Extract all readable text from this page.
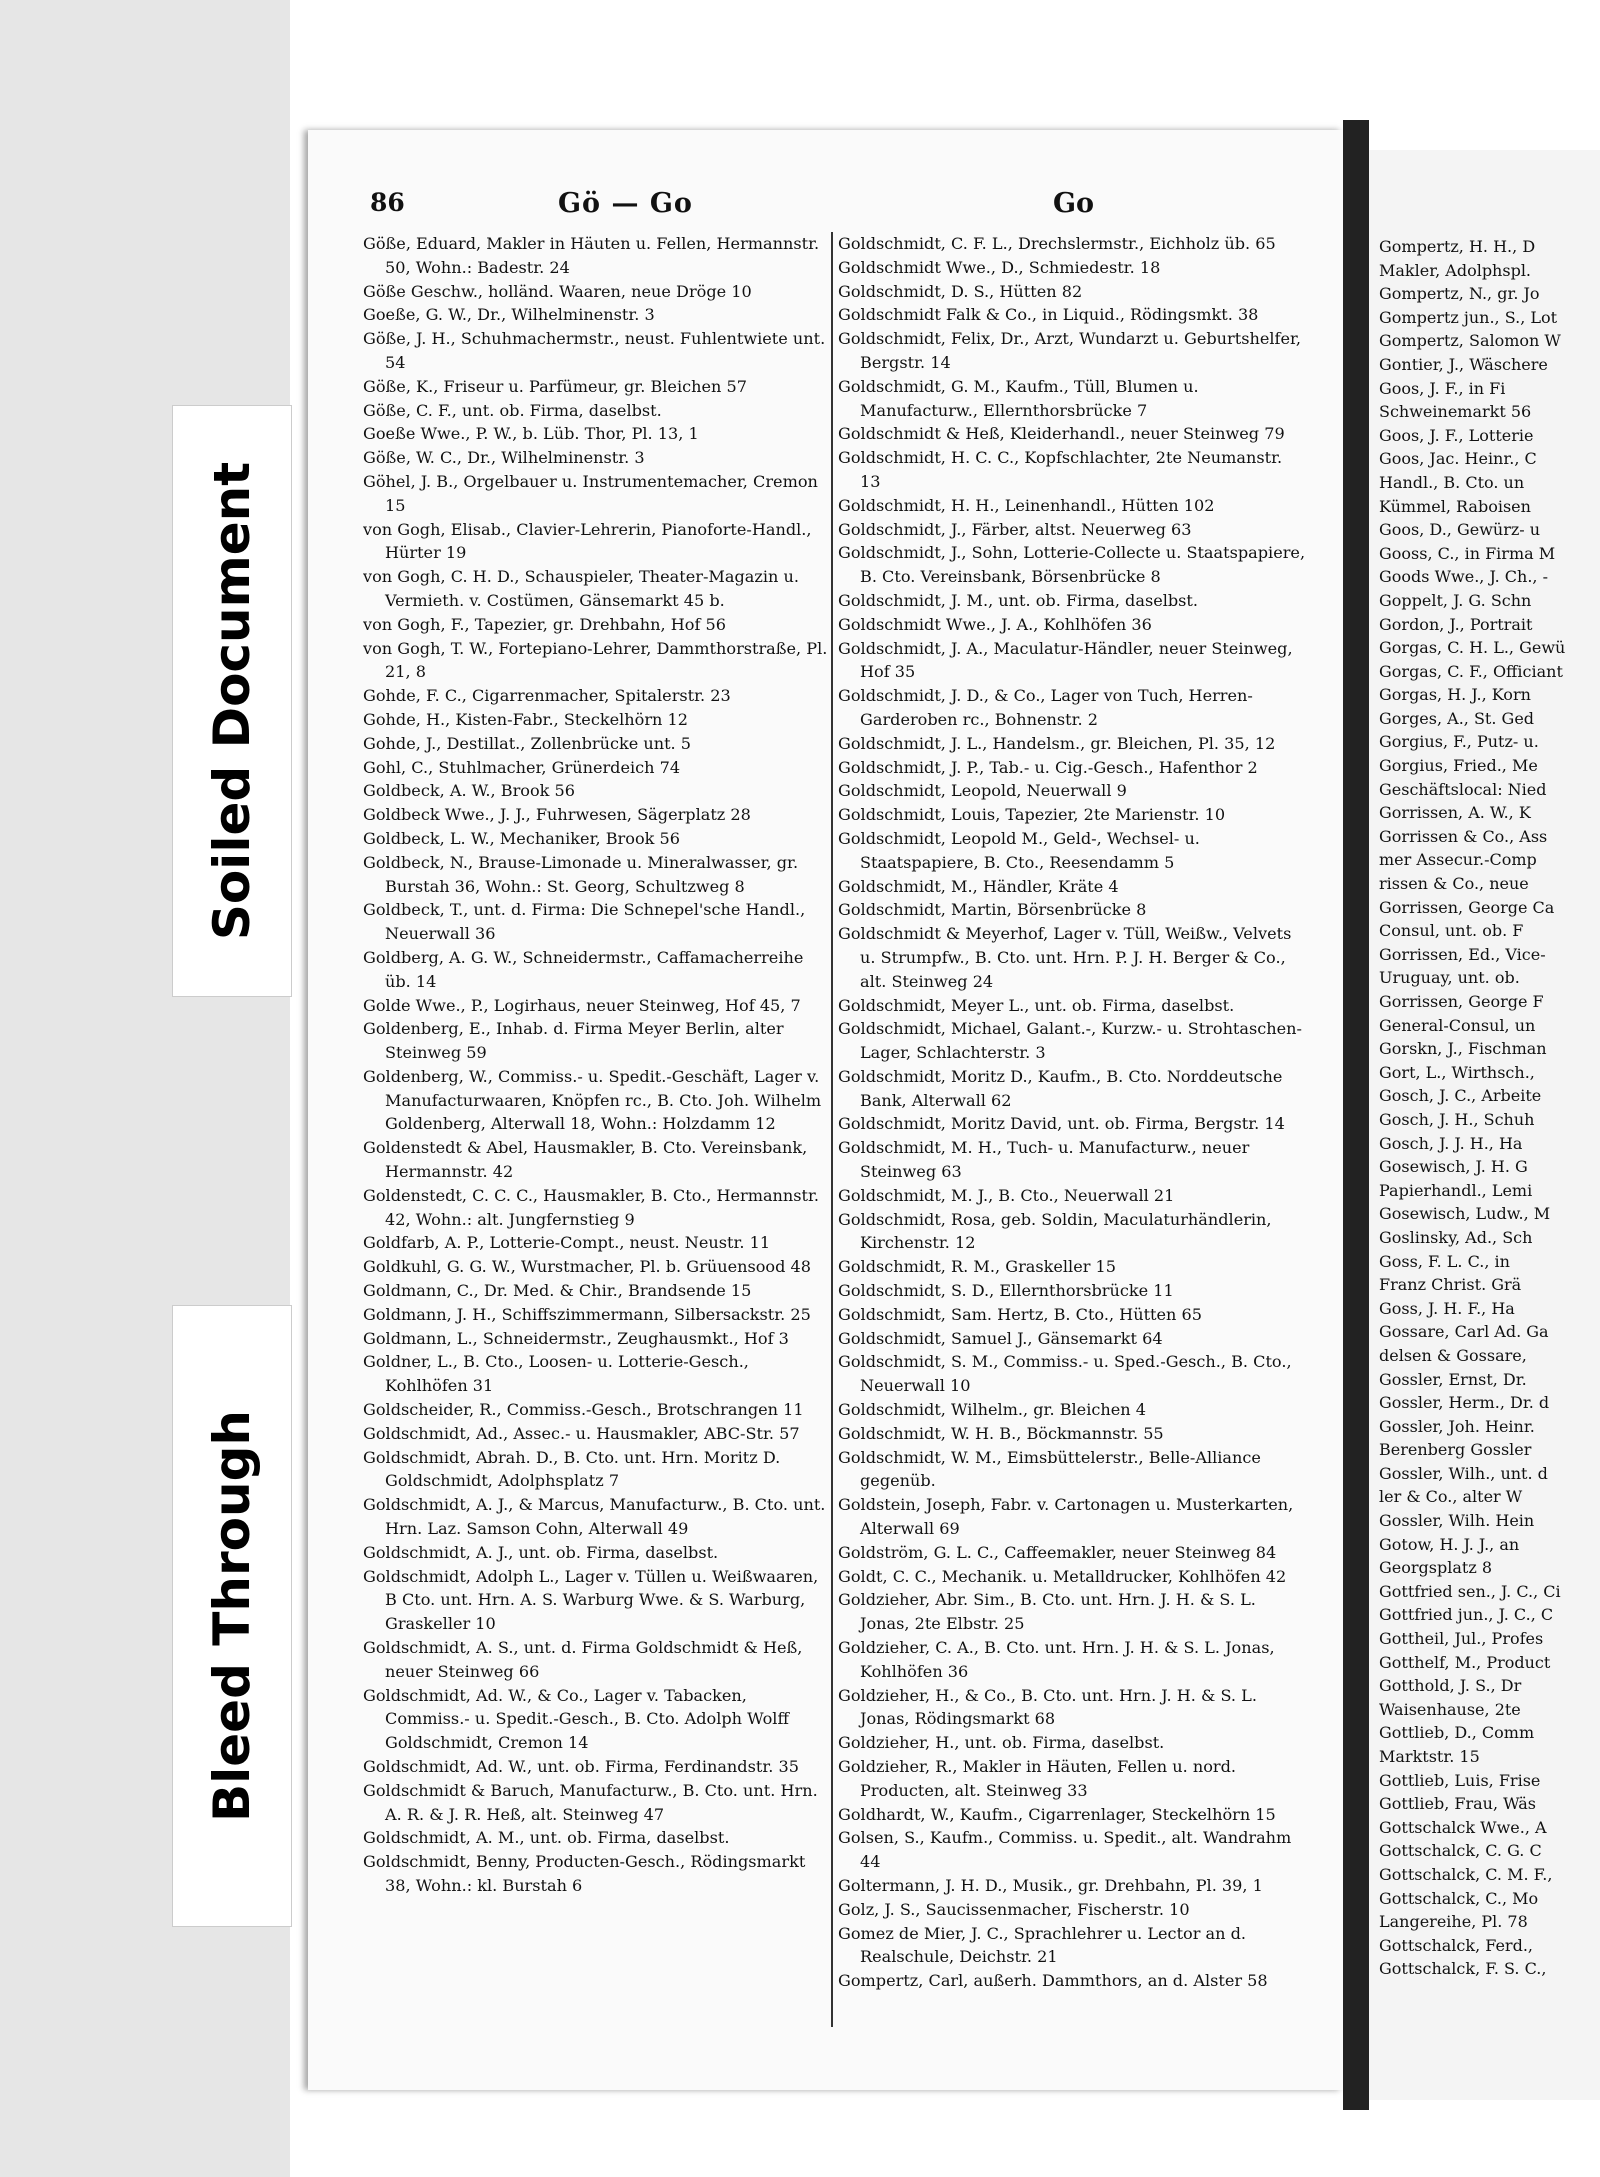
86	Gö — Go	Go

Göße, Eduard, Makler in Häuten u. Fellen, Hermannstr. 50, Wohn.: Badestr. 24

Göße Geschw., holländ. Waaren, neue Dröge 10

Goeße, G. W., Dr., Wilhelminenstr. 3

Göße, J. H., Schuhmachermstr., neust. Fuhlentwiete unt. 54

Göße, K., Friseur u. Parfümeur, gr. Bleichen 57

Göße, C. F., unt. ob. Firma, daselbst.

Goeße Wwe., P. W., b. Lüb. Thor, Pl. 13, 1

Göße, W. C., Dr., Wilhelminenstr. 3

Göhel, J. B., Orgelbauer u. Instrumentemacher, Cremon 15

von Gogh, Elisab., Clavier-Lehrerin, Pianoforte-Handl., Hürter 19

von Gogh, C. H. D., Schauspieler, Theater-Magazin u. Vermieth. v. Costümen, Gänsemarkt 45 b.

von Gogh, F., Tapezier, gr. Drehbahn, Hof 56

von Gogh, T. W., Fortepiano-Lehrer, Dammthorstraße, Pl. 21, 8

Gohde, F. C., Cigarrenmacher, Spitalerstr. 23

Gohde, H., Kisten-Fabr., Steckelhörn 12

Gohde, J., Destillat., Zollenbrücke unt. 5

Gohl, C., Stuhlmacher, Grünerdeich 74

Goldbeck, A. W., Brook 56

Goldbeck Wwe., J. J., Fuhrwesen, Sägerplatz 28

Goldbeck, L. W., Mechaniker, Brook 56

Goldbeck, N., Brause-Limonade u. Mineralwasser, gr. Burstah 36, Wohn.: St. Georg, Schultzweg 8

Goldbeck, T., unt. d. Firma: Die Schnepel'sche Handl., Neuerwall 36

Goldberg, A. G. W., Schneidermstr., Caffamacherreihe üb. 14

Golde Wwe., P., Logirhaus, neuer Steinweg, Hof 45, 7

Goldenberg, E., Inhab. d. Firma Meyer Berlin, alter Steinweg 59

Goldenberg, W., Commiss.- u. Spedit.-Geschäft, Lager v. Manufacturwaaren, Knöpfen rc., B. Cto. Joh. Wilhelm Goldenberg, Alterwall 18, Wohn.: Holzdamm 12

Goldenstedt & Abel, Hausmakler, B. Cto. Vereinsbank, Hermannstr. 42

Goldenstedt, C. C. C., Hausmakler, B. Cto., Hermannstr. 42, Wohn.: alt. Jungfernstieg 9

Goldfarb, A. P., Lotterie-Compt., neust. Neustr. 11

Goldkuhl, G. G. W., Wurstmacher, Pl. b. Grüuensood 48

Goldmann, C., Dr. Med. & Chir., Brandsende 15

Goldmann, J. H., Schiffszimmermann, Silbersackstr. 25

Goldmann, L., Schneidermstr., Zeughausmkt., Hof 3

Goldner, L., B. Cto., Loosen- u. Lotterie-Gesch., Kohlhöfen 31

Goldscheider, R., Commiss.-Gesch., Brotschrangen 11

Goldschmidt, Ad., Assec.- u. Hausmakler, ABC-Str. 57

Goldschmidt, Abrah. D., B. Cto. unt. Hrn. Moritz D. Goldschmidt, Adolphsplatz 7

Goldschmidt, A. J., & Marcus, Manufacturw., B. Cto. unt. Hrn. Laz. Samson Cohn, Alterwall 49

Goldschmidt, A. J., unt. ob. Firma, daselbst.

Goldschmidt, Adolph L., Lager v. Tüllen u. Weißwaaren, B Cto. unt. Hrn. A. S. Warburg Wwe. & S. Warburg, Graskeller 10

Goldschmidt, A. S., unt. d. Firma Goldschmidt & Heß, neuer Steinweg 66

Goldschmidt, Ad. W., & Co., Lager v. Tabacken, Commiss.- u. Spedit.-Gesch., B. Cto. Adolph Wolff Goldschmidt, Cremon 14

Goldschmidt, Ad. W., unt. ob. Firma, Ferdinandstr. 35

Goldschmidt & Baruch, Manufacturw., B. Cto. unt. Hrn. A. R. & J. R. Heß, alt. Steinweg 47

Goldschmidt, A. M., unt. ob. Firma, daselbst.

Goldschmidt, Benny, Producten-Gesch., Rödingsmarkt 38, Wohn.: kl. Burstah 6

Goldschmidt, C. F. L., Drechslermstr., Eichholz üb. 65

Goldschmidt Wwe., D., Schmiedestr. 18

Goldschmidt, D. S., Hütten 82

Goldschmidt Falk & Co., in Liquid., Rödingsmkt. 38

Goldschmidt, Felix, Dr., Arzt, Wundarzt u. Geburtshelfer, Bergstr. 14

Goldschmidt, G. M., Kaufm., Tüll, Blumen u. Manufacturw., Ellernthorsbrücke 7

Goldschmidt & Heß, Kleiderhandl., neuer Steinweg 79

Goldschmidt, H. C. C., Kopfschlachter, 2te Neumanstr. 13

Goldschmidt, H. H., Leinenhandl., Hütten 102

Goldschmidt, J., Färber, altst. Neuerweg 63

Goldschmidt, J., Sohn, Lotterie-Collecte u. Staatspapiere, B. Cto. Vereinsbank, Börsenbrücke 8

Goldschmidt, J. M., unt. ob. Firma, daselbst.

Goldschmidt Wwe., J. A., Kohlhöfen 36

Goldschmidt, J. A., Maculatur-Händler, neuer Steinweg, Hof 35

Goldschmidt, J. D., & Co., Lager von Tuch, Herren-Garderoben rc., Bohnenstr. 2

Goldschmidt, J. L., Handelsm., gr. Bleichen, Pl. 35, 12

Goldschmidt, J. P., Tab.- u. Cig.-Gesch., Hafenthor 2

Goldschmidt, Leopold, Neuerwall 9

Goldschmidt, Louis, Tapezier, 2te Marienstr. 10

Goldschmidt, Leopold M., Geld-, Wechsel- u. Staatspapiere, B. Cto., Reesendamm 5

Goldschmidt, M., Händler, Kräte 4

Goldschmidt, Martin, Börsenbrücke 8

Goldschmidt & Meyerhof, Lager v. Tüll, Weißw., Velvets u. Strumpfw., B. Cto. unt. Hrn. P. J. H. Berger & Co., alt. Steinweg 24

Goldschmidt, Meyer L., unt. ob. Firma, daselbst.

Goldschmidt, Michael, Galant.-, Kurzw.- u. Strohtaschen-Lager, Schlachterstr. 3

Goldschmidt, Moritz D., Kaufm., B. Cto. Norddeutsche Bank, Alterwall 62

Goldschmidt, Moritz David, unt. ob. Firma, Bergstr. 14

Goldschmidt, M. H., Tuch- u. Manufacturw., neuer Steinweg 63

Goldschmidt, M. J., B. Cto., Neuerwall 21

Goldschmidt, Rosa, geb. Soldin, Maculaturhändlerin, Kirchenstr. 12

Goldschmidt, R. M., Graskeller 15

Goldschmidt, S. D., Ellernthorsbrücke 11

Goldschmidt, Sam. Hertz, B. Cto., Hütten 65

Goldschmidt, Samuel J., Gänsemarkt 64

Goldschmidt, S. M., Commiss.- u. Sped.-Gesch., B. Cto., Neuerwall 10

Goldschmidt, Wilhelm., gr. Bleichen 4

Goldschmidt, W. H. B., Böckmannstr. 55

Goldschmidt, W. M., Eimsbüttelerstr., Belle-Alliance gegenüb.

Goldstein, Joseph, Fabr. v. Cartonagen u. Musterkarten, Alterwall 69

Goldström, G. L. C., Caffeemakler, neuer Steinweg 84

Goldt, C. C., Mechanik. u. Metalldrucker, Kohlhöfen 42

Goldzieher, Abr. Sim., B. Cto. unt. Hrn. J. H. & S. L. Jonas, 2te Elbstr. 25

Goldzieher, C. A., B. Cto. unt. Hrn. J. H. & S. L. Jonas, Kohlhöfen 36

Goldzieher, H., & Co., B. Cto. unt. Hrn. J. H. & S. L. Jonas, Rödingsmarkt 68

Goldzieher, H., unt. ob. Firma, daselbst.

Goldzieher, R., Makler in Häuten, Fellen u. nord. Producten, alt. Steinweg 33

Goldhardt, W., Kaufm., Cigarrenlager, Steckelhörn 15

Golsen, S., Kaufm., Commiss. u. Spedit., alt. Wandrahm 44

Goltermann, J. H. D., Musik., gr. Drehbahn, Pl. 39, 1

Golz, J. S., Saucissenmacher, Fischerstr. 10

Gomez de Mier, J. C., Sprachlehrer u. Lector an d. Realschule, Deichstr. 21

Gompertz, Carl, außerh. Dammthors, an d. Alster 58

Gompertz, H. H., D

Makler, Adolphspl.

Gompertz, N., gr. Jo

Gompertz jun., S., Lot

Gompertz, Salomon W

Gontier, J., Wäschere

Goos, J. F., in Fi

Schweinemarkt 56

Goos, J. F., Lotterie

Goos, Jac. Heinr., C

Handl., B. Cto. un

Kümmel, Raboisen

Goos, D., Gewürz- u

Gooss, C., in Firma M

Goods Wwe., J. Ch., -

Goppelt, J. G. Schn

Gordon, J., Portrait

Gorgas, C. H. L., Gewü

Gorgas, C. F., Officiant

Gorgas, H. J., Korn

Gorges, A., St. Ged

Gorgius, F., Putz- u.

Gorgius, Fried., Me

Geschäftslocal: Nied

Gorrissen, A. W., K

Gorrissen & Co., Ass

mer Assecur.-Comp

rissen & Co., neue

Gorrissen, George Ca

Consul, unt. ob. F

Gorrissen, Ed., Vice-

Uruguay, unt. ob.

Gorrissen, George F

General-Consul, un

Gorskn, J., Fischman

Gort, L., Wirthsch.,

Gosch, J. C., Arbeite

Gosch, J. H., Schuh

Gosch, J. J. H., Ha

Gosewisch, J. H. G

Papierhandl., Lemi

Gosewisch, Ludw., M

Goslinsky, Ad., Sch

Goss, F. L. C., in

Franz Christ. Grä

Goss, J. H. F., Ha

Gossare, Carl Ad. Ga

delsen & Gossare,

Gossler, Ernst, Dr.

Gossler, Herm., Dr. d

Gossler, Joh. Heinr.

Berenberg Gossler

Gossler, Wilh., unt. d

ler & Co., alter W

Gossler, Wilh. Hein

Gotow, H. J. J., an

Georgsplatz 8

Gottfried sen., J. C., Ci

Gottfried jun., J. C., C

Gottheil, Jul., Profes

Gotthelf, M., Product

Gotthold, J. S., Dr

Waisenhause, 2te

Gottlieb, D., Comm

Marktstr. 15

Gottlieb, Luis, Frise

Gottlieb, Frau, Wäs

Gottschalck Wwe., A

Gottschalck, C. G. C

Gottschalck, C. M. F.,

Gottschalck, C., Mo

Langereihe, Pl. 78

Gottschalck, Ferd.,

Gottschalck, F. S. C.,

Soiled Document
Bleed Through
